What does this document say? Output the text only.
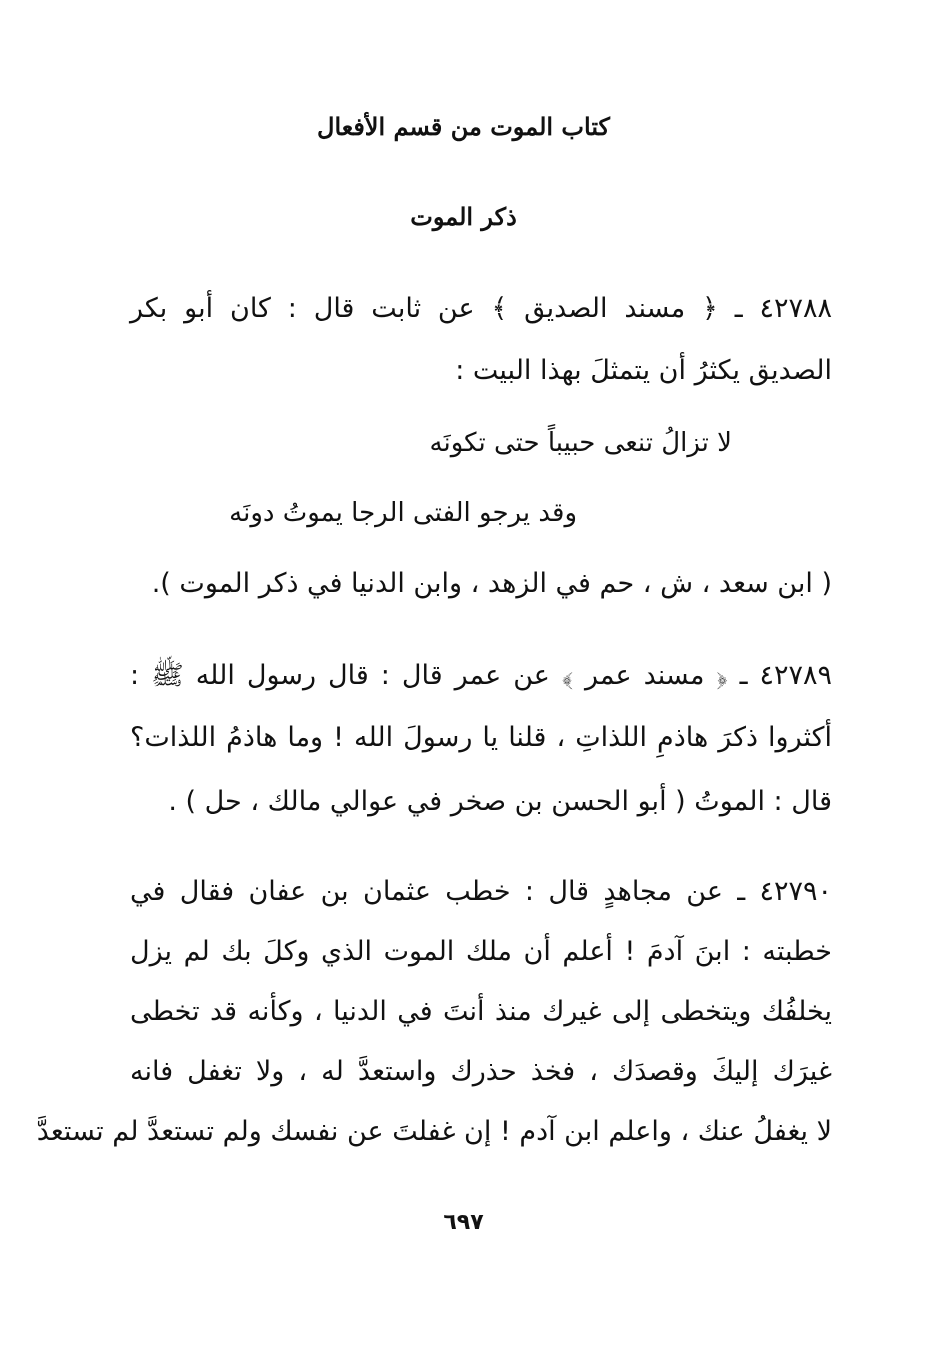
كتاب الموت من قسم الأفعال
ذكر الموت
٤٢٧٨٨ ـ ﴿ مسند الصديق ﴾ عن ثابت قال : كان أبو بكر
الصديق يكثرُ أن يتمثلَ بهذا البيت :
لا تزالُ تنعى حبيباً حتى تكونَه
وقد يرجو الفتى الرجا يموتُ دونَه
( ابن سعد ، ش ، حم في الزهد ، وابن الدنيا في ذكر الموت ).
٤٢٧٨٩ ـ ﴿ مسند عمر ﴾ عن عمر قال : قال رسول الله ﷺ :
أكثروا ذكرَ هاذمِ اللذاتِ ، قلنا يا رسولَ الله ! وما هاذمُ اللذات؟
قال : الموتُ ( أبو الحسن بن صخر في عوالي مالك ، حل ) .
٤٢٧٩٠ ـ عن مجاهدٍ قال : خطب عثمان بن عفان فقال في
خطبته : ابنَ آدمَ ! أعلم أن ملك الموت الذي وكلَ بك لم يزل
يخلفُك ويتخطى إلى غيرك منذ أنتَ في الدنيا ، وكأنه قد تخطى
غيرَك إليكَ وقصدَك ، فخذ حذرك واستعدَّ له ، ولا تغفل فانه
لا يغفلُ عنك ، واعلم ابن آدم ! إن غفلتَ عن نفسك ولم تستعدَّ لم تستعدَّ
٦٩٧
